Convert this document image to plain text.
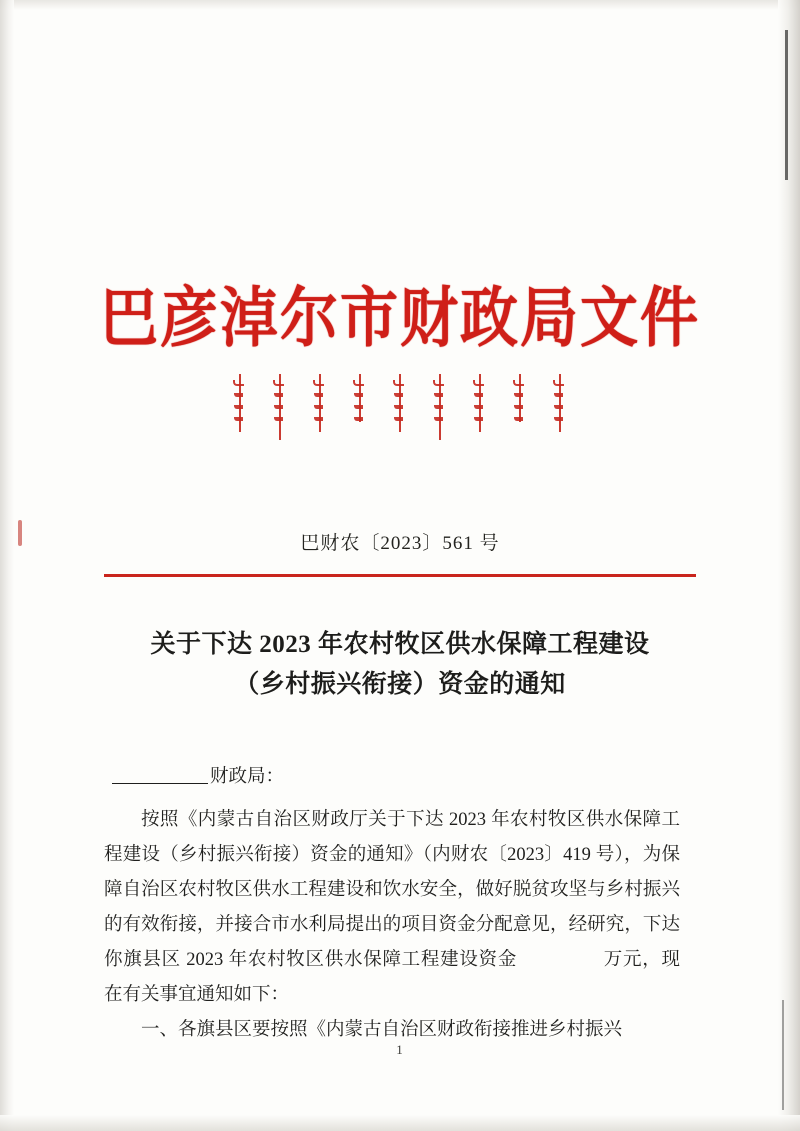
巴彦淖尔市财政局文件
巴财农〔2023〕561 号
关于下达 2023 年农村牧区供水保障工程建设
（乡村振兴衔接）资金的通知

财政局：

按照《内蒙古自治区财政厅关于下达 2023 年农村牧区供水保障工程建设（乡村振兴衔接）资金的通知》（内财农〔2023〕419 号），为保障自治区农村牧区供水工程建设和饮水安全，做好脱贫攻坚与乡村振兴的有效衔接，并接合市水利局提出的项目资金分配意见，经研究，下达你旗县区 2023 年农村牧区供水保障工程建设资金	万元，现在有关事宜通知如下：

一、各旗县区要按照《内蒙古自治区财政衔接推进乡村振兴

1
